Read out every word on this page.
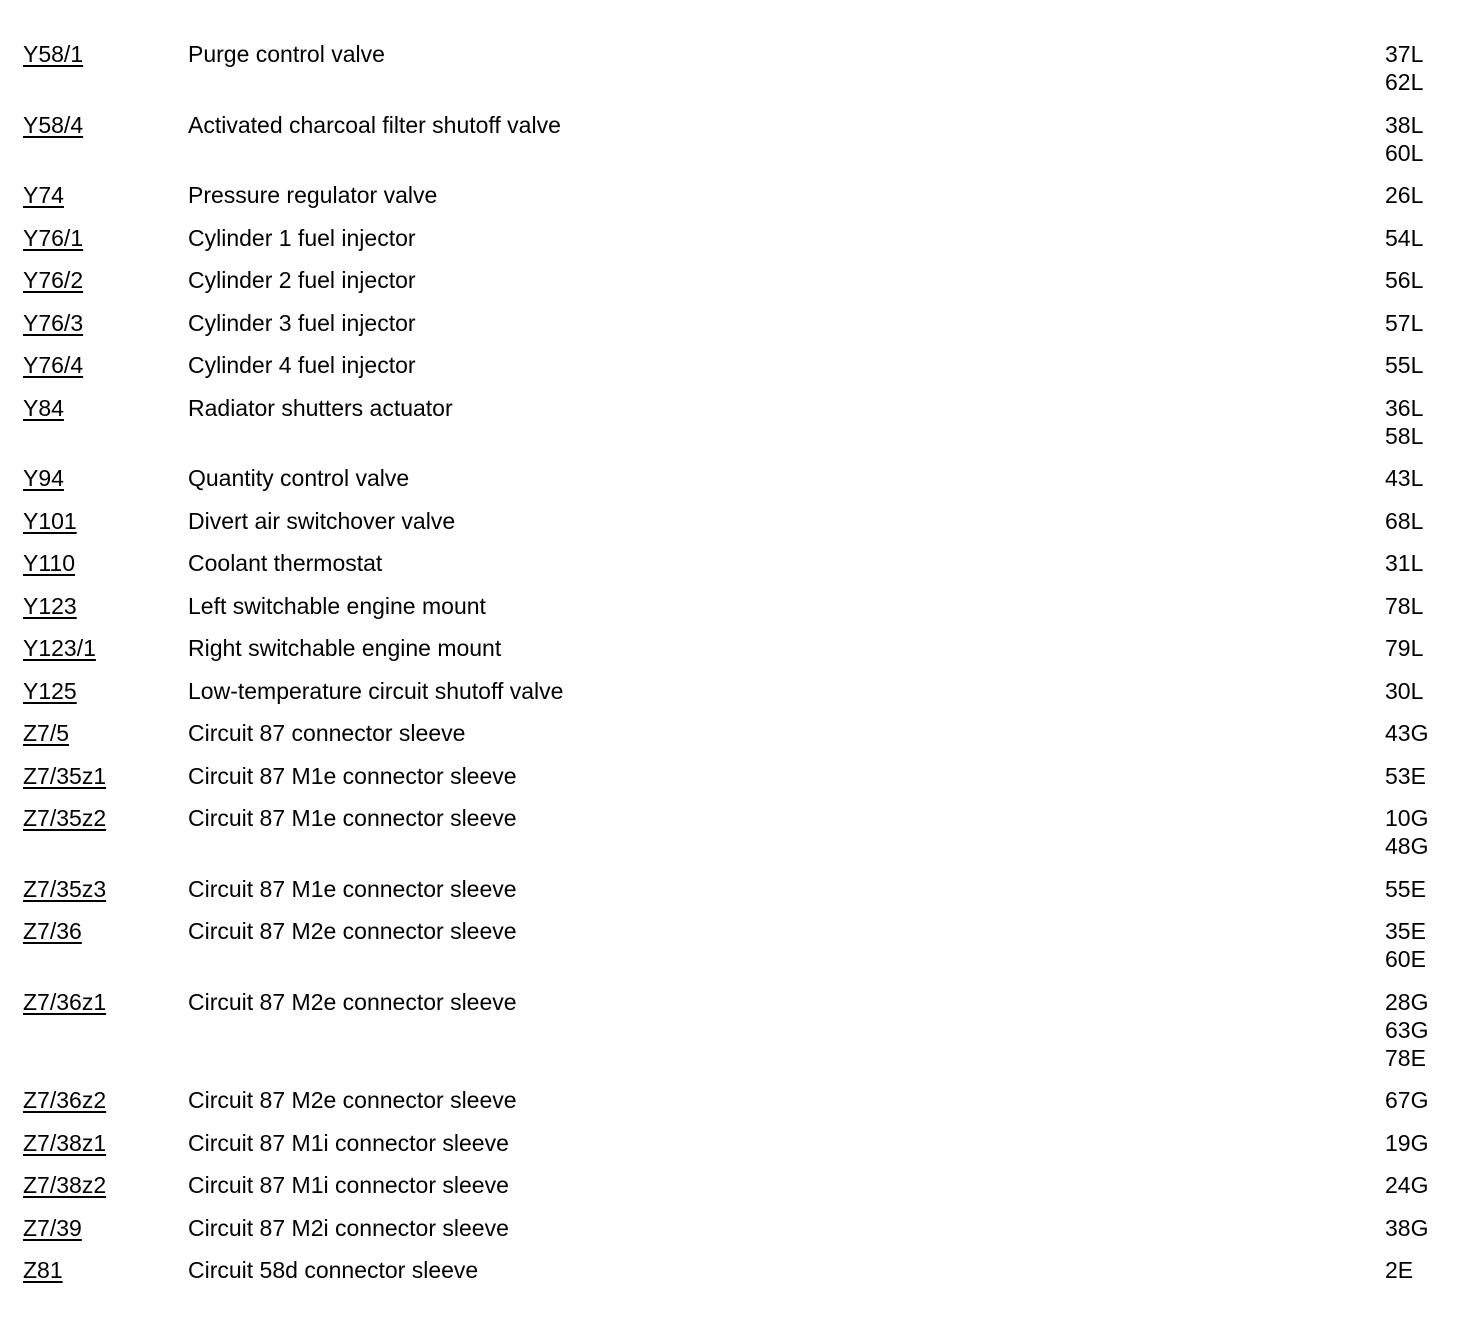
Y58/1	Purge control valve	37L
62L
Y58/4	Activated charcoal filter shutoff valve	38L
60L
Y74	Pressure regulator valve	26L
Y76/1	Cylinder 1 fuel injector	54L
Y76/2	Cylinder 2 fuel injector	56L
Y76/3	Cylinder 3 fuel injector	57L
Y76/4	Cylinder 4 fuel injector	55L
Y84	Radiator shutters actuator	36L
58L
Y94	Quantity control valve	43L
Y101	Divert air switchover valve	68L
Y110	Coolant thermostat	31L
Y123	Left switchable engine mount	78L
Y123/1	Right switchable engine mount	79L
Y125	Low-temperature circuit shutoff valve	30L
Z7/5	Circuit 87 connector sleeve	43G
Z7/35z1	Circuit 87 M1e connector sleeve	53E
Z7/35z2	Circuit 87 M1e connector sleeve	10G
48G
Z7/35z3	Circuit 87 M1e connector sleeve	55E
Z7/36	Circuit 87 M2e connector sleeve	35E
60E
Z7/36z1	Circuit 87 M2e connector sleeve	28G
63G
78E
Z7/36z2	Circuit 87 M2e connector sleeve	67G
Z7/38z1	Circuit 87 M1i connector sleeve	19G
Z7/38z2	Circuit 87 M1i connector sleeve	24G
Z7/39	Circuit 87 M2i connector sleeve	38G
Z81	Circuit 58d connector sleeve	2E
